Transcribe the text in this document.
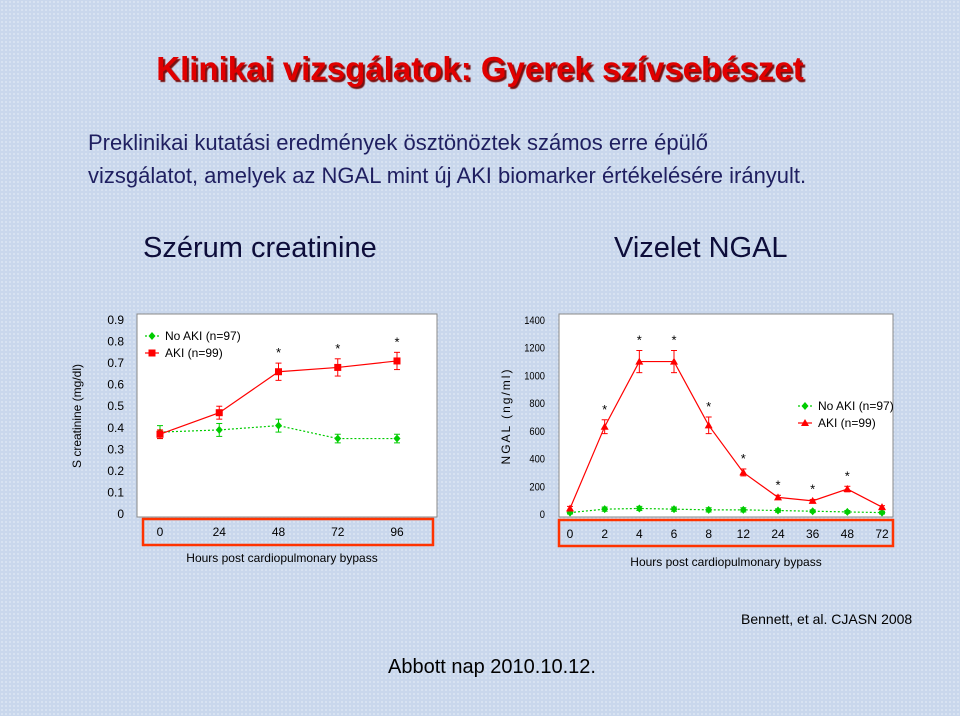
Klinikai vizsgálatok: Gyerek szívsebészet
Preklinikai kutatási eredmények ösztönöztek számos erre épülő
vizsgálatot, amelyek az NGAL mint új AKI biomarker értékelésére irányult.
Szérum creatinine	Vizelet NGAL
S creatinine (mg/dl)
Hours post cardiopulmonary bypass
0
0.1
0.2
0.3
0.4
0.5
0.6
0.7
0.8
0.9
0	24	48	72	96
*	*	*
No AKI (n=97)
AKI (n=99)
NGAL (ng/ml)
Hours post cardiopulmonary bypass
0
200
400
600
800
1000
1200
1400
0 2 4 6 8 12 24 36 48 72
*
* *
*
*
* *
*
No AKI (n=97)
AKI (n=99)
Bennett, et al. CJASN 2008
Abbott nap 2010.10.12.
